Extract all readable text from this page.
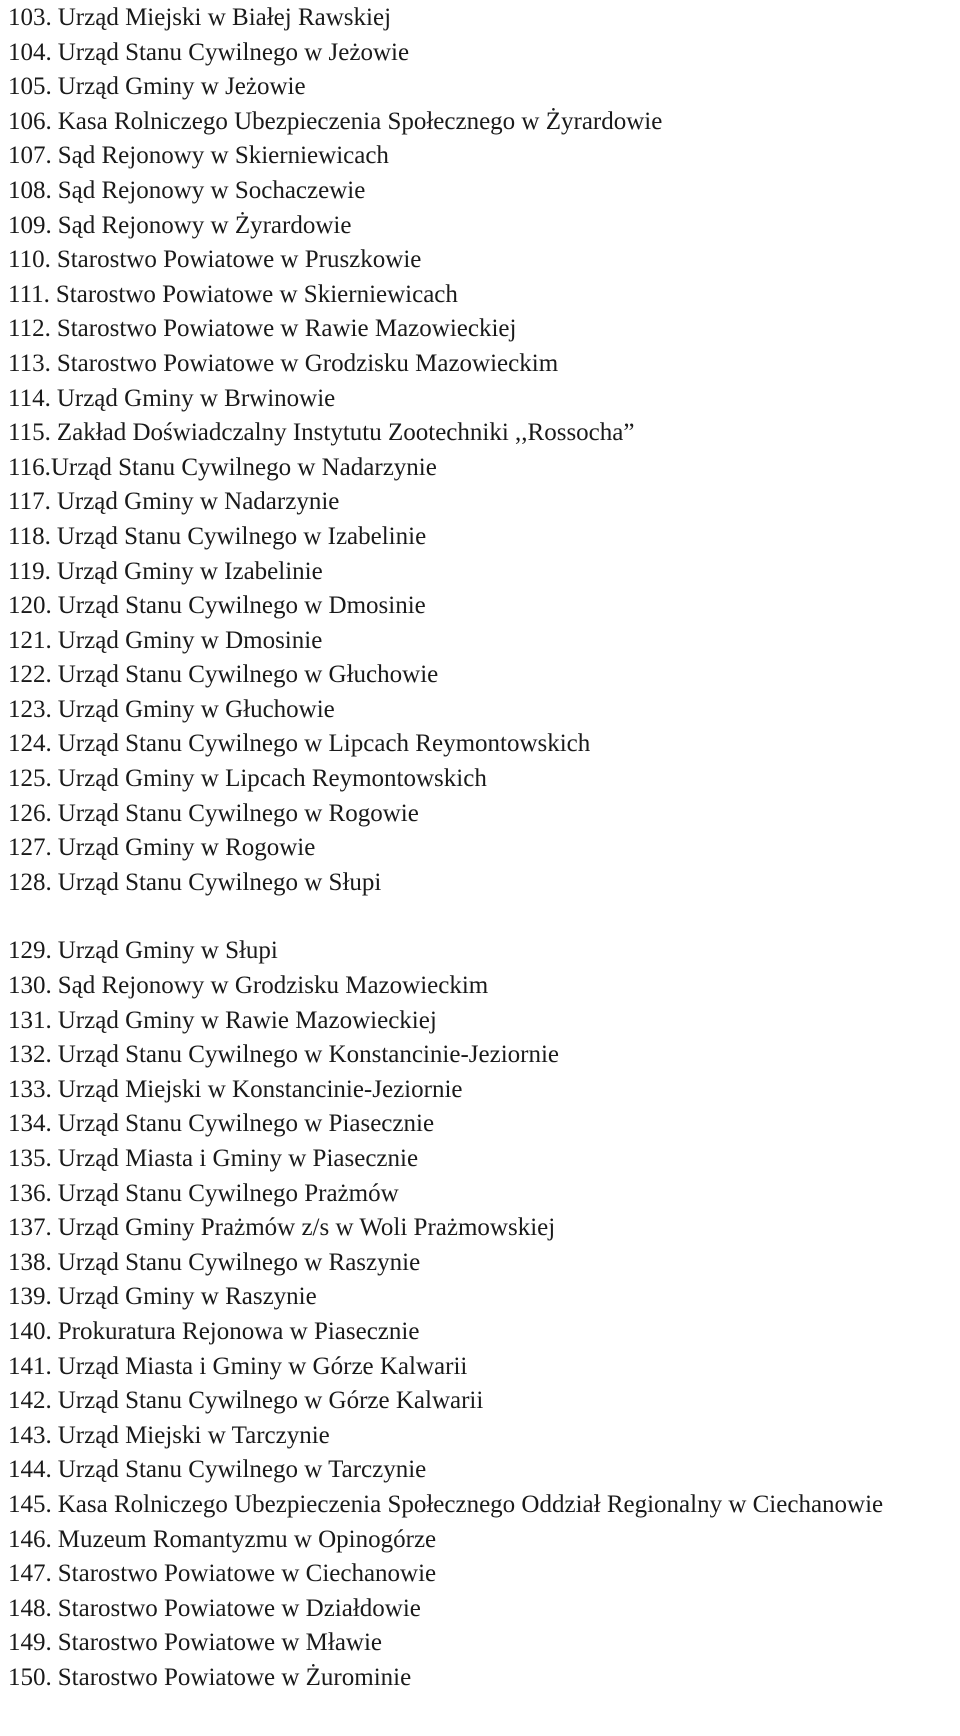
103. Urząd Miejski w Białej Rawskiej
104. Urząd Stanu Cywilnego w Jeżowie
105. Urząd Gminy w Jeżowie
106. Kasa Rolniczego Ubezpieczenia Społecznego w Żyrardowie
107. Sąd Rejonowy w Skierniewicach
108. Sąd Rejonowy w Sochaczewie
109. Sąd Rejonowy w Żyrardowie
110. Starostwo Powiatowe w Pruszkowie
111. Starostwo Powiatowe w Skierniewicach
112. Starostwo Powiatowe w Rawie Mazowieckiej
113. Starostwo Powiatowe w Grodzisku Mazowieckim
114. Urząd Gminy w Brwinowie
115. Zakład Doświadczalny Instytutu Zootechniki ,,Rossocha”
116. Urząd Stanu Cywilnego w Nadarzynie
117. Urząd Gminy w Nadarzynie
118. Urząd Stanu Cywilnego w Izabelinie
119. Urząd Gminy w Izabelinie
120. Urząd Stanu Cywilnego w Dmosinie
121. Urząd Gminy w Dmosinie
122. Urząd Stanu Cywilnego w Głuchowie
123. Urząd Gminy w Głuchowie
124. Urząd Stanu Cywilnego w Lipcach Reymontowskich
125. Urząd Gminy w Lipcach Reymontowskich
126. Urząd Stanu Cywilnego w Rogowie
127. Urząd Gminy w Rogowie
128. Urząd Stanu Cywilnego w Słupi
129. Urząd Gminy w Słupi
130. Sąd Rejonowy w Grodzisku Mazowieckim
131. Urząd Gminy w Rawie Mazowieckiej
132. Urząd Stanu Cywilnego w Konstancinie-Jeziornie
133. Urząd Miejski w Konstancinie-Jeziornie
134. Urząd Stanu Cywilnego w Piasecznie
135. Urząd Miasta i Gminy w Piasecznie
136. Urząd Stanu Cywilnego Prażmów
137. Urząd Gminy Prażmów z/s w Woli Prażmowskiej
138. Urząd Stanu Cywilnego w Raszynie
139. Urząd Gminy w Raszynie
140. Prokuratura Rejonowa w Piasecznie
141. Urząd Miasta i Gminy w Górze Kalwarii
142. Urząd Stanu Cywilnego w Górze Kalwarii
143. Urząd Miejski w Tarczynie
144. Urząd Stanu Cywilnego w Tarczynie
145. Kasa Rolniczego Ubezpieczenia Społecznego Oddział Regionalny w Ciechanowie
146. Muzeum Romantyzmu w Opinogórze
147. Starostwo Powiatowe w Ciechanowie
148. Starostwo Powiatowe w Działdowie
149. Starostwo Powiatowe w Mławie
150. Starostwo Powiatowe w Żurominie
